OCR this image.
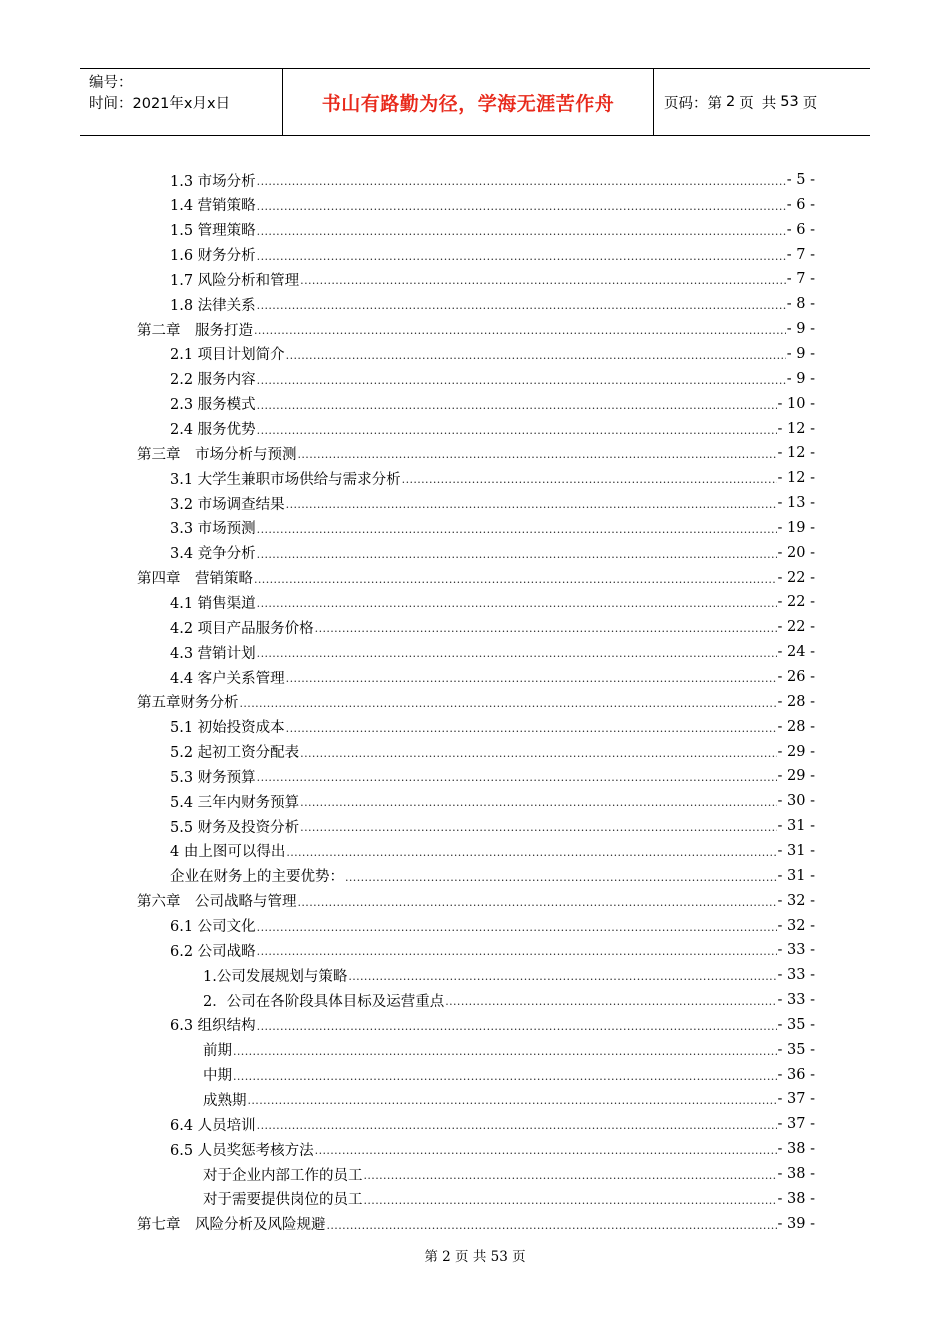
编号：
时间：2021年x月x日	书山有路勤为径，学海无涯苦作舟	页码：第 2 页 共 53 页
1.3 市场分析 .....	- 5 -
1.4 营销策略 .....	- 6 -
1.5 管理策略 .....	- 6 -
1.6 财务分析 .....	- 7 -
1.7 风险分析和管理 .....	- 7 -
1.8 法律关系 .....	- 8 -
第二章　服务打造 .....	- 9 -
2.1 项目计划简介 .....	- 9 -
2.2 服务内容 .....	- 9 -
2.3 服务模式 .....	- 10 -
2.4 服务优势 .....	- 12 -
第三章　市场分析与预测 .....	- 12 -
3.1 大学生兼职市场供给与需求分析 .....	- 12 -
3.2 市场调查结果 .....	- 13 -
3.3 市场预测 .....	- 19 -
3.4 竞争分析 .....	- 20 -
第四章　营销策略 .....	- 22 -
4.1 销售渠道 .....	- 22 -
4.2 项目产品服务价格 .....	- 22 -
4.3 营销计划 .....	- 24 -
4.4 客户关系管理 .....	- 26 -
第五章财务分析 .....	- 28 -
5.1 初始投资成本 .....	- 28 -
5.2 起初工资分配表 .....	- 29 -
5.3 财务预算 .....	- 29 -
5.4 三年内财务预算 .....	- 30 -
5.5 财务及投资分析 .....	- 31 -
4 由上图可以得出 .....	- 31 -
企业在财务上的主要优势： .....	- 31 -
第六章　公司战略与管理 .....	- 32 -
6.1 公司文化 .....	- 32 -
6.2 公司战略 .....	- 33 -
1.公司发展规划与策略 .....	- 33 -
2．公司在各阶段具体目标及运营重点 .....	- 33 -
6.3 组织结构 .....	- 35 -
前期 .....	- 35 -
中期 .....	- 36 -
成熟期 .....	- 37 -
6.4 人员培训 .....	- 37 -
6.5 人员奖惩考核方法 .....	- 38 -
对于企业内部工作的员工 .....	- 38 -
对于需要提供岗位的员工 .....	- 38 -
第七章　风险分析及风险规避 .....	- 39 -
第 2 页 共 53 页
